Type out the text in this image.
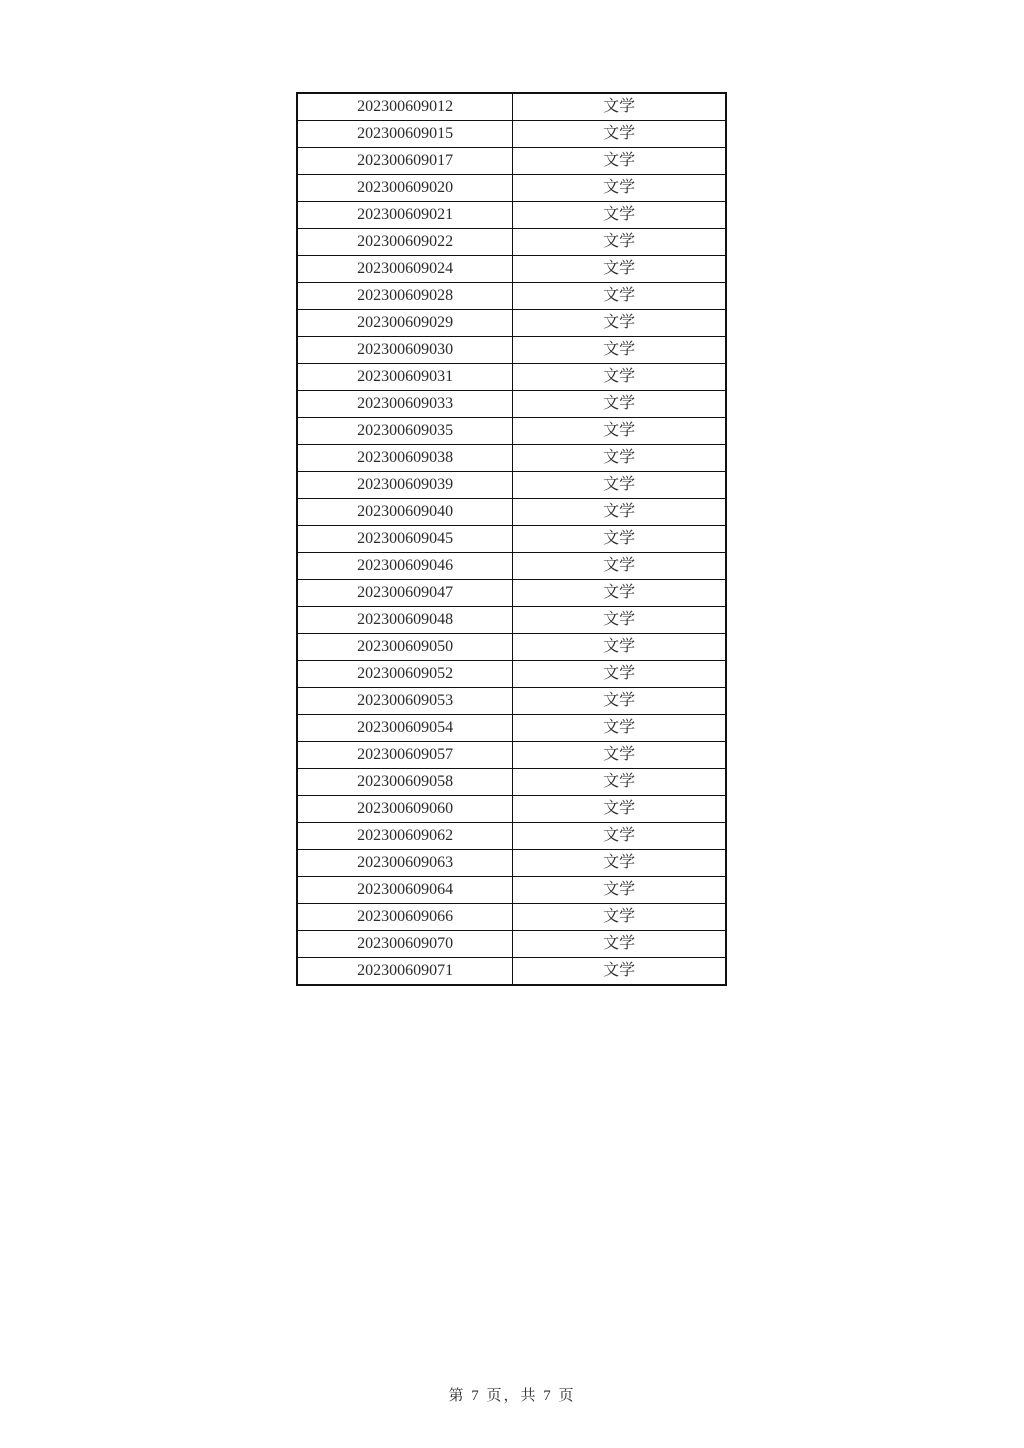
202300609012	文学
202300609015	文学
202300609017	文学
202300609020	文学
202300609021	文学
202300609022	文学
202300609024	文学
202300609028	文学
202300609029	文学
202300609030	文学
202300609031	文学
202300609033	文学
202300609035	文学
202300609038	文学
202300609039	文学
202300609040	文学
202300609045	文学
202300609046	文学
202300609047	文学
202300609048	文学
202300609050	文学
202300609052	文学
202300609053	文学
202300609054	文学
202300609057	文学
202300609058	文学
202300609060	文学
202300609062	文学
202300609063	文学
202300609064	文学
202300609066	文学
202300609070	文学
202300609071	文学
第 7 页，共 7 页
